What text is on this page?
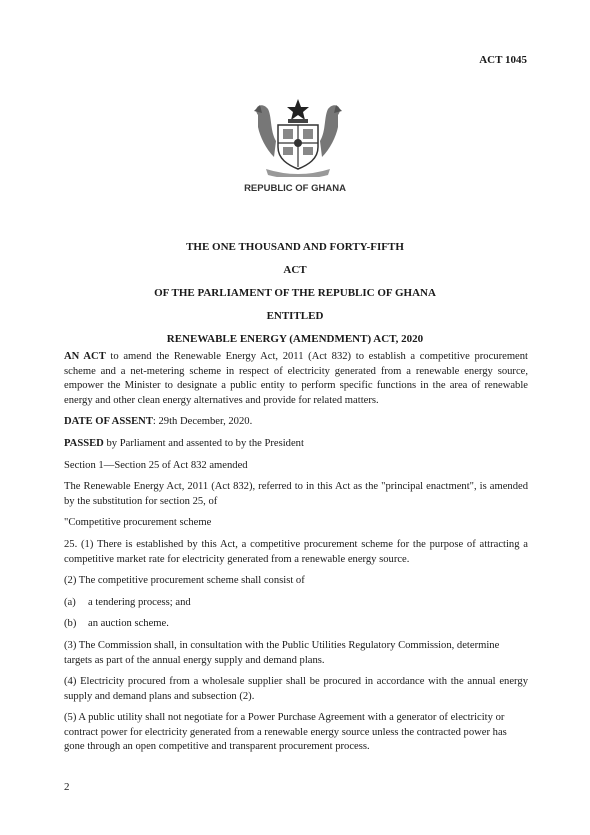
ACT 1045
REPUBLIC OF GHANA
THE ONE THOUSAND AND FORTY-FIFTH
ACT
OF THE PARLIAMENT OF THE REPUBLIC OF GHANA
ENTITLED
RENEWABLE ENERGY (AMENDMENT) ACT, 2020

AN ACT to amend the Renewable Energy Act, 2011 (Act 832) to establish a competitive procurement scheme and a net-metering scheme in respect of electricity generated from a renewable energy source, empower the Minister to designate a public entity to perform specific functions in the area of renewable energy and other clean energy alternatives and provide for related matters.

DATE OF ASSENT: 29th December, 2020.

PASSED by Parliament and assented to by the President

Section 1—Section 25 of Act 832 amended

The Renewable Energy Act, 2011 (Act 832), referred to in this Act as the "principal enactment", is amended by the substitution for section 25, of

"Competitive procurement scheme

25. (1) There is established by this Act, a competitive procurement scheme for the purpose of attracting a competitive market rate for electricity generated from a renewable energy source.

(2) The competitive procurement scheme shall consist of

(a)	a tendering process; and

(b)	an auction scheme.

(3) The Commission shall, in consultation with the Public Utilities Regulatory Commission, determine targets as part of the annual energy supply and demand plans.

(4) Electricity procured from a wholesale supplier shall be procured in accordance with the annual energy supply and demand plans and subsection (2).

(5) A public utility shall not negotiate for a Power Purchase Agreement with a generator of electricity or contract power for electricity generated from a renewable energy source unless the contracted power has gone through an open competitive and transparent procurement process.

2
